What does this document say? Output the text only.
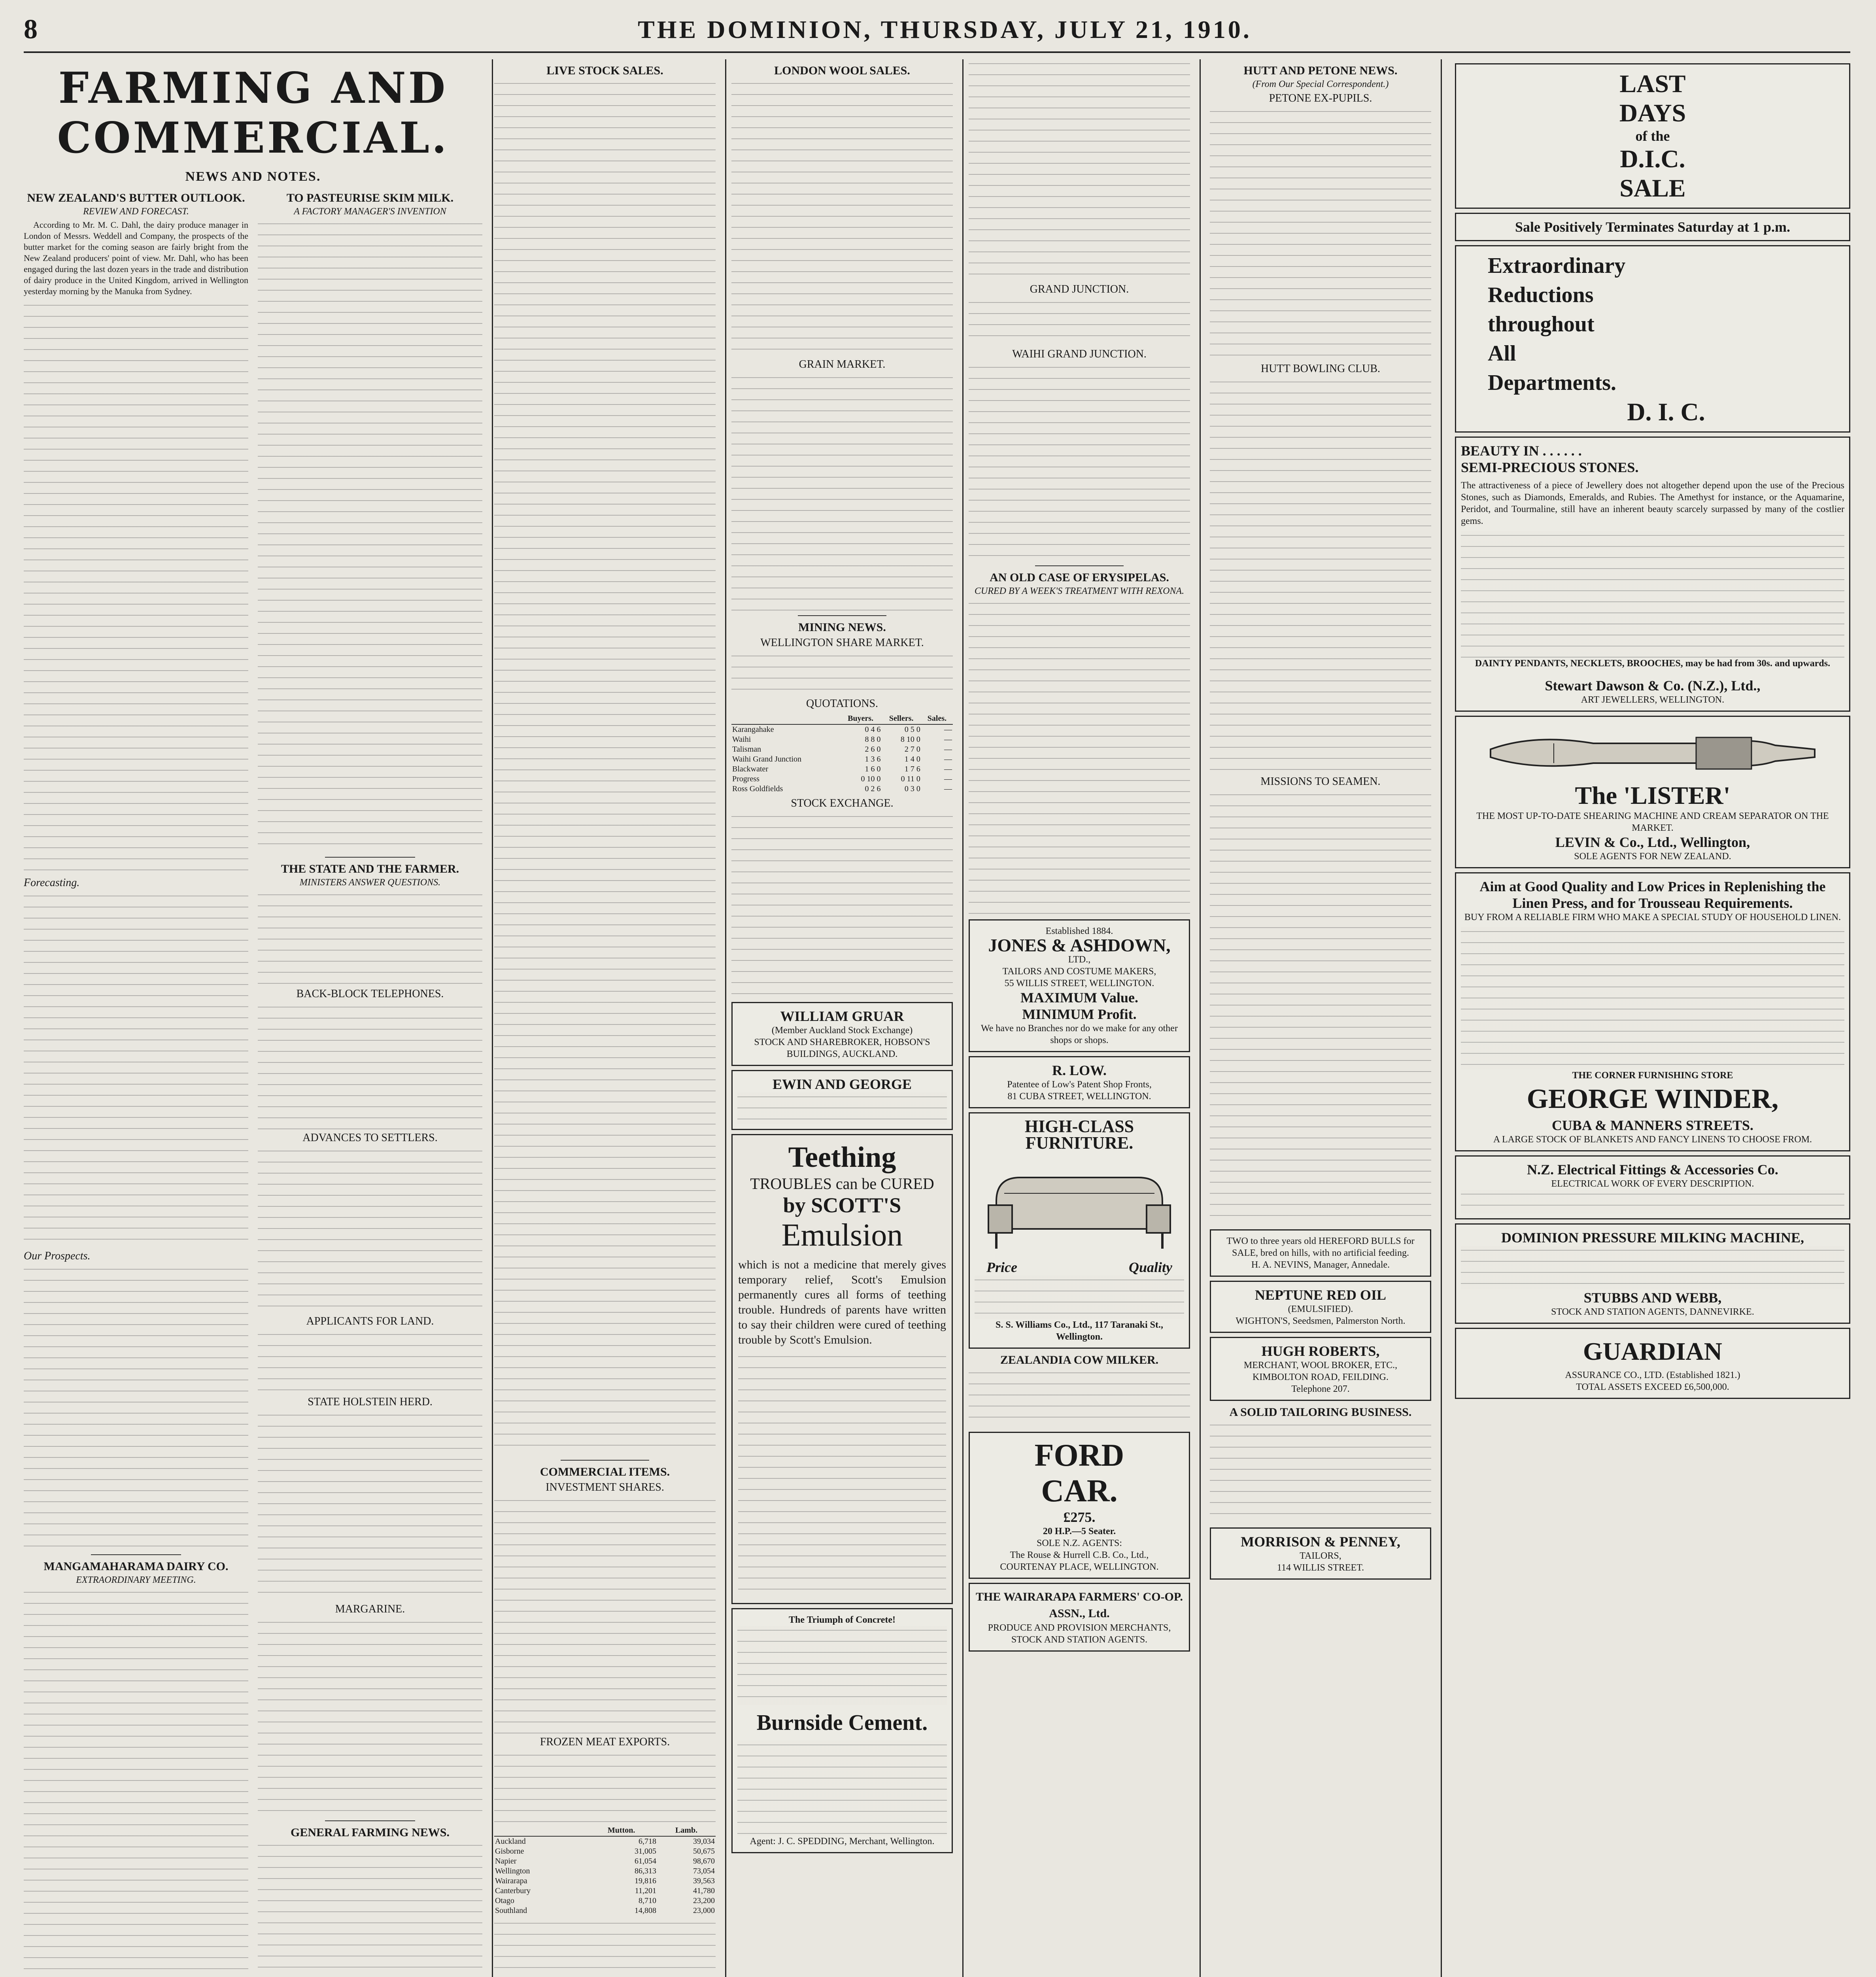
8	THE DOMINION, THURSDAY, JULY 21, 1910.
FARMING AND COMMERCIAL.
NEWS AND NOTES.
NEW ZEALAND'S BUTTER OUTLOOK.
REVIEW AND FORECAST.

According to Mr. M. C. Dahl, the dairy produce manager in London of Messrs. Weddell and Company, the prospects of the butter market for the coming season are fairly bright from the New Zealand producers' point of view. Mr. Dahl, who has been engaged during the last dozen years in the trade and distribution of dairy produce in the United Kingdom, arrived in Wellington yesterday morning by the Manuka from Sydney.

Forecasting.
Our Prospects.
MANGAMAHARAMA DAIRY CO.
EXTRAORDINARY MEETING.
TO PASTEURISE SKIM MILK.
A FACTORY MANAGER'S INVENTION
THE STATE AND THE FARMER.
MINISTERS ANSWER QUESTIONS.
BACK-BLOCK TELEPHONES.
ADVANCES TO SETTLERS.
APPLICANTS FOR LAND.
STATE HOLSTEIN HERD.
MARGARINE.
GENERAL FARMING NEWS.
LIVE STOCK SALES.
COMMERCIAL ITEMS.
INVESTMENT SHARES.
FROZEN MEAT EXPORTS.
	Mutton.	Lamb.
Auckland	6,718	39,034
Gisborne	31,005	50,675
Napier	61,054	98,670
Wellington	86,313	73,054
Wairarapa	19,816	39,563
Canterbury	11,201	41,780
Otago	8,710	23,200
Southland	14,808	23,000
LONDON WOOL SALES.
GRAIN MARKET.
MINING NEWS.
WELLINGTON SHARE MARKET.
QUOTATIONS.
	Buyers.	Sellers.	Sales.
Karangahake	0 4 6	0 5 0	—
Waihi	8 8 0	8 10 0	—
Talisman	2 6 0	2 7 0	—
Waihi Grand Junction	1 3 6	1 4 0	—
Blackwater	1 6 0	1 7 6	—
Progress	0 10 0	0 11 0	—
Ross Goldfields	0 2 6	0 3 0	—
STOCK EXCHANGE.
WILLIAM GRUAR
(Member Auckland Stock Exchange)
STOCK AND SHAREBROKER, HOBSON'S BUILDINGS, AUCKLAND.
EWIN AND GEORGE
Teething
TROUBLES can be CURED
by SCOTT'S
Emulsion
which is not a medicine that merely gives temporary relief, Scott's Emulsion permanently cures all forms of teething trouble. Hundreds of parents have written to say their children were cured of teething trouble by Scott's Emulsion.
The Triumph of Concrete!
Burnside Cement.
Agent: J. C. SPEDDING, Merchant, Wellington.
GRAND JUNCTION.
WAIHI GRAND JUNCTION.
AN OLD CASE OF ERYSIPELAS.
CURED BY A WEEK'S TREATMENT WITH REXONA.
Established 1884.
JONES & ASHDOWN,
LTD.,
TAILORS AND COSTUME MAKERS,
55 WILLIS STREET, WELLINGTON.
MAXIMUM Value.
MINIMUM Profit.
We have no Branches nor do we make for any other shops or shops.
R. LOW.
Patentee of Low's Patent Shop Fronts,
81 CUBA STREET, WELLINGTON.
HIGH-CLASS FURNITURE.
Price	Quality
S. S. Williams Co., Ltd., 117 Taranaki St., Wellington.
ZEALANDIA COW MILKER.
FORD
CAR.
£275.
20 H.P.—5 Seater.
SOLE N.Z. AGENTS:
The Rouse & Hurrell C.B. Co., Ltd.,
COURTENAY PLACE, WELLINGTON.
THE WAIRARAPA FARMERS' CO-OP. ASSN., Ltd.
PRODUCE AND PROVISION MERCHANTS, STOCK AND STATION AGENTS.
HUTT AND PETONE NEWS.
(From Our Special Correspondent.)
PETONE EX-PUPILS.
HUTT BOWLING CLUB.
MISSIONS TO SEAMEN.
TWO to three years old HEREFORD BULLS for SALE, bred on hills, with no artificial feeding.
H. A. NEVINS, Manager, Annedale.
NEPTUNE RED OIL
(EMULSIFIED).
WIGHTON'S, Seedsmen, Palmerston North.
HUGH ROBERTS,
MERCHANT, WOOL BROKER, ETC.,
KIMBOLTON ROAD, FEILDING.
Telephone 207.
A SOLID TAILORING BUSINESS.
MORRISON & PENNEY,
TAILORS,
114 WILLIS STREET.
LAST
DAYS
of the
D.I.C.
SALE
Sale Positively Terminates Saturday at 1 p.m.
Extraordinary
Reductions
throughout
All
Departments.
D. I. C.
BEAUTY IN . . . . . .
SEMI-PRECIOUS STONES.
The attractiveness of a piece of Jewellery does not altogether depend upon the use of the Precious Stones, such as Diamonds, Emeralds, and Rubies. The Amethyst for instance, or the Aquamarine, Peridot, and Tourmaline, still have an inherent beauty scarcely surpassed by many of the costlier gems.
DAINTY PENDANTS, NECKLETS, BROOCHES, may be had from 30s. and upwards.
Stewart Dawson & Co. (N.Z.), Ltd.,
ART JEWELLERS, WELLINGTON.
The 'LISTER'
THE MOST UP-TO-DATE SHEARING MACHINE AND CREAM SEPARATOR ON THE MARKET.
LEVIN & Co., Ltd., Wellington,
SOLE AGENTS FOR NEW ZEALAND.
Aim at Good Quality and Low Prices in Replenishing the Linen Press, and for Trousseau Requirements.
BUY FROM A RELIABLE FIRM WHO MAKE A SPECIAL STUDY OF HOUSEHOLD LINEN.
THE CORNER FURNISHING STORE
GEORGE WINDER,
CUBA & MANNERS STREETS.
A LARGE STOCK OF BLANKETS AND FANCY LINENS TO CHOOSE FROM.
N.Z. Electrical Fittings & Accessories Co.
ELECTRICAL WORK OF EVERY DESCRIPTION.
DOMINION PRESSURE MILKING MACHINE,
STUBBS AND WEBB,
STOCK AND STATION AGENTS, DANNEVIRKE.
GUARDIAN
ASSURANCE CO., LTD. (Established 1821.)
TOTAL ASSETS EXCEED £6,500,000.
